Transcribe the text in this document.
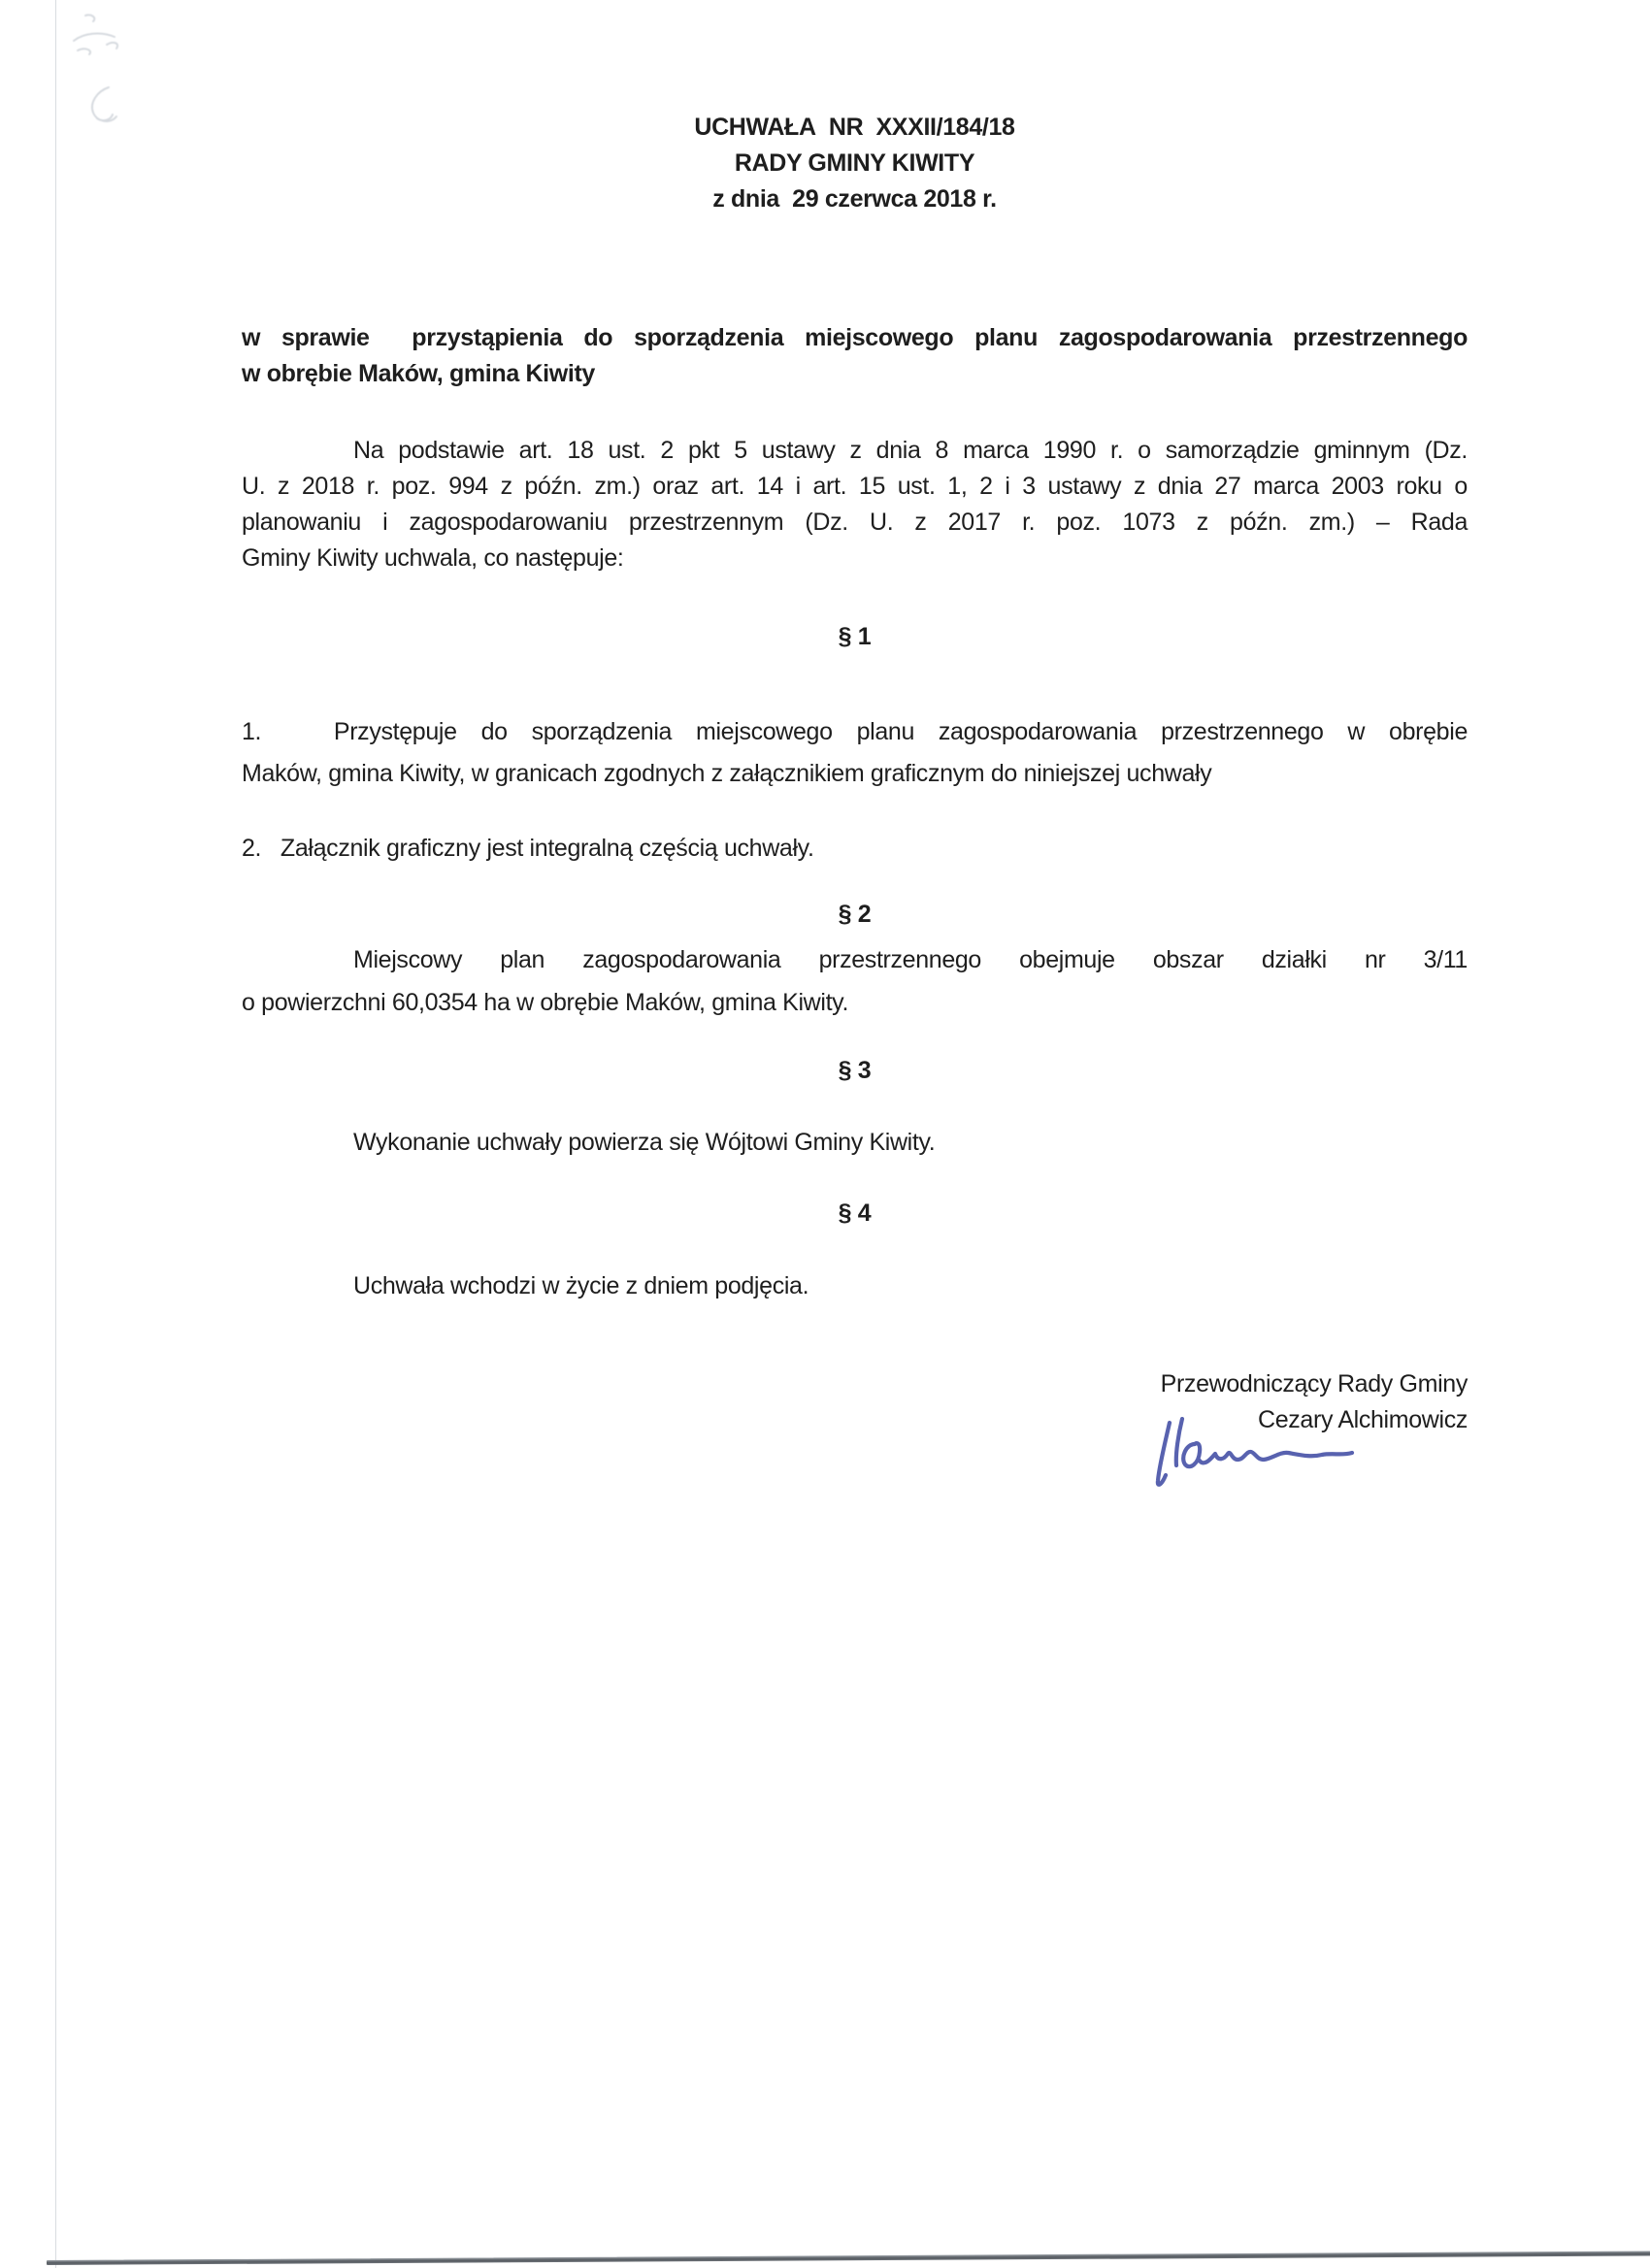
UCHWAŁA  NR  XXXII/184/18
RADY GMINY KIWITY
z dnia  29 czerwca 2018 r.
w sprawie  przystąpienia do sporządzenia miejscowego planu zagospodarowania przestrzennego
w obrębie Maków, gmina Kiwity
Na podstawie art. 18 ust. 2 pkt 5 ustawy z dnia 8 marca 1990 r. o samorządzie gminnym (Dz.
U. z 2018 r. poz. 994 z późn. zm.) oraz art. 14 i art. 15 ust. 1, 2 i 3 ustawy z dnia 27 marca 2003 roku o
planowaniu i zagospodarowaniu przestrzennym (Dz. U. z 2017 r. poz. 1073 z późn. zm.) – Rada
Gminy Kiwity uchwala, co następuje:
§ 1
1.   Przystępuje do sporządzenia miejscowego planu zagospodarowania przestrzennego w obrębie
Maków, gmina Kiwity, w granicach zgodnych z załącznikiem graficznym do niniejszej uchwały
2.   Załącznik graficzny jest integralną częścią uchwały.
§ 2
Miejscowy plan zagospodarowania przestrzennego obejmuje obszar działki nr 3/11
o powierzchni 60,0354 ha w obrębie Maków, gmina Kiwity.
§ 3
Wykonanie uchwały powierza się Wójtowi Gminy Kiwity.
§ 4
Uchwała wchodzi w życie z dniem podjęcia.
Przewodniczący Rady Gminy
Cezary Alchimowicz
